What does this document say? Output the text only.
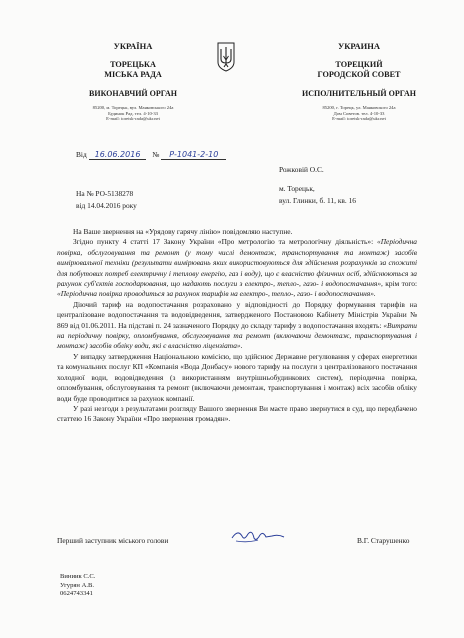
УКРАЇНА
ТОРЕЦЬКА
МІСЬКА РАДА
ВИКОНАВЧИЙ ОРГАН
85200, м. Торецьк, вул. Маяковського 24а
Будинок Рад. тел. 4-10-33
E-mail: toretsk-rada@ukr.net
УКРАИНА
ТОРЕЦКИЙ
ГОРОДСКОЙ СОВЕТ
ИСПОЛНИТЕЛЬНЫЙ ОРГАН
85200, г. Торецк, ул. Маяковского 24а
Дом Советов. тел. 4-10-33
E-mail: toretsk-rada@ukr.net
Від 16.06.2016 № Р-1041-2-10
Рожковій О.С.
м. Торецьк,
вул. Глинки, б. 11, кв. 16
На № РО-5138278
від 14.04.2016 року

На Ваше звернення на «Урядову гарячу лінію» повідомляю наступне.

Згідно пункту 4 статті 17 Закону України «Про метрологію та метрологічну діяльність»: «Періодична повірка, обслуговування та ремонт (у тому числі демонтаж, транспортування та монтаж) засобів вимірювальної техніки (результати вимірювань яких використовуються для здійснення розрахунків за спожиті для побутових потреб електричну і теплову енергію, газ і воду), що є власністю фізичних осіб, здійснюються за рахунок суб'єктів господарювання, що надають послуги з електро-, тепло-, газо- і водопостачання», крім того: «Періодична повірка проводиться за рахунок тарифів на електро-, тепло-, газо- і водопостачання».

Діючий тариф на водопостачання розраховано у відповідності до Порядку формування тарифів на централізоване водопостачання та водовідведення, затвердженого Постановою Кабінету Міністрів України № 869 від 01.06.2011. На підставі п. 24 зазначеного Порядку до складу тарифу з водопостачання входять: «Витрати на періодичну повірку, опломбування, обслуговування та ремонт (включаючи демонтаж, транспортування і монтаж) засобів обліку води, які є власністю ліцензіата».

У випадку затвердження Національною комісією, що здійснює Державне регулювання у сферах енергетики та комунальних послуг КП «Компанія «Вода Донбасу» нового тарифу на послуги з централізованого постачання холодної води, водовідведення (з використанням внутрішньобудинкових систем), періодична повірка, опломбування, обслуговування та ремонт (включаючи демонтаж, транспортування і монтаж) всіх засобів обліку води буде проводитися за рахунок компанії.

У разі незгоди з результатами розгляду Вашого звернення Ви маєте право звернутися в суд, що передбачено статтею 16 Закону України «Про звернення громадян».

Перший заступник міського голови	В.Г. Старушенко
Виниик С.С.
Угурян А.В.
0624743341
